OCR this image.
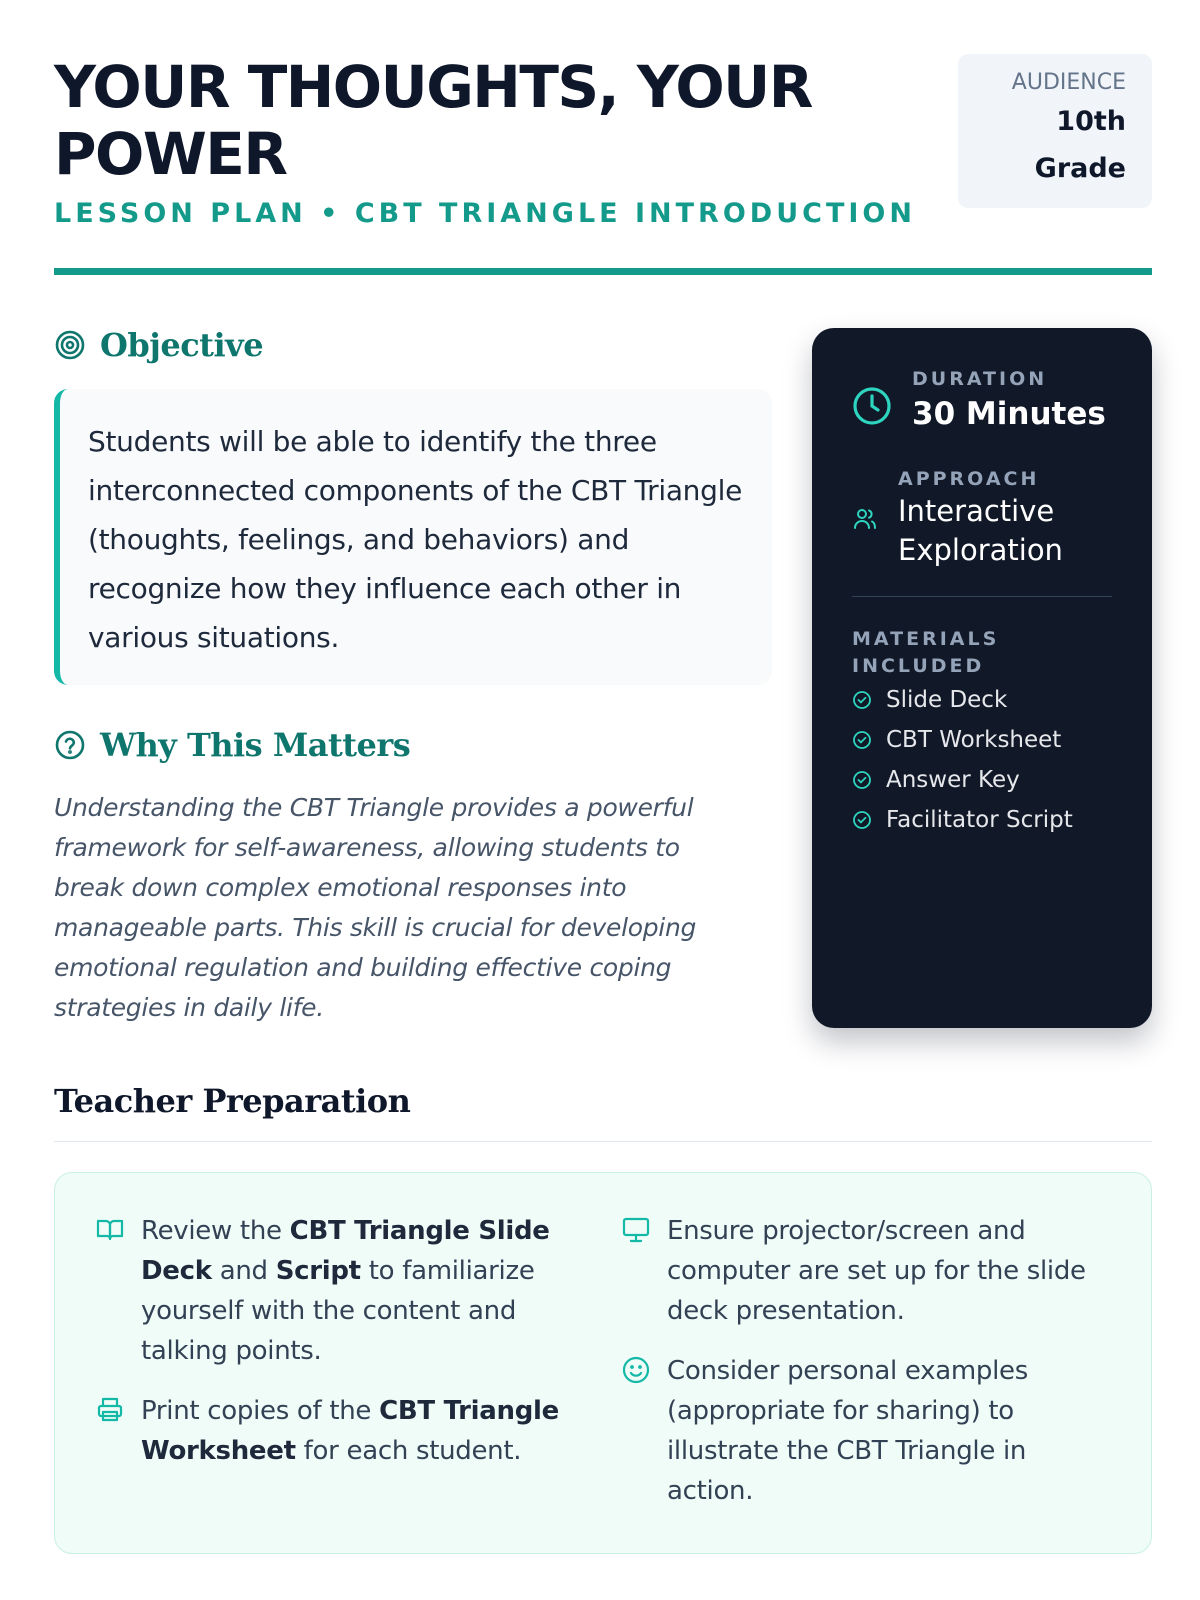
YOUR THOUGHTS, YOUR POWER
LESSON PLAN • CBT TRIANGLE INTRODUCTION
AUDIENCE
10th
Grade
Objective
Students will be able to identify the three interconnected components of the CBT Triangle (thoughts, feelings, and behaviors) and recognize how they influence each other in various situations.
Why This Matters
Understanding the CBT Triangle provides a powerful framework for self-awareness, allowing students to break down complex emotional responses into manageable parts. This skill is crucial for developing emotional regulation and building effective coping strategies in daily life.
DURATION
30 Minutes
APPROACH
Interactive Exploration
MATERIALS INCLUDED
Slide Deck
CBT Worksheet
Answer Key
Facilitator Script
Teacher Preparation
Review the CBT Triangle Slide Deck and Script to familiarize yourself with the content and talking points.
Print copies of the CBT Triangle Worksheet for each student.
Ensure projector/screen and computer are set up for the slide deck presentation.
Consider personal examples (appropriate for sharing) to illustrate the CBT Triangle in action.
